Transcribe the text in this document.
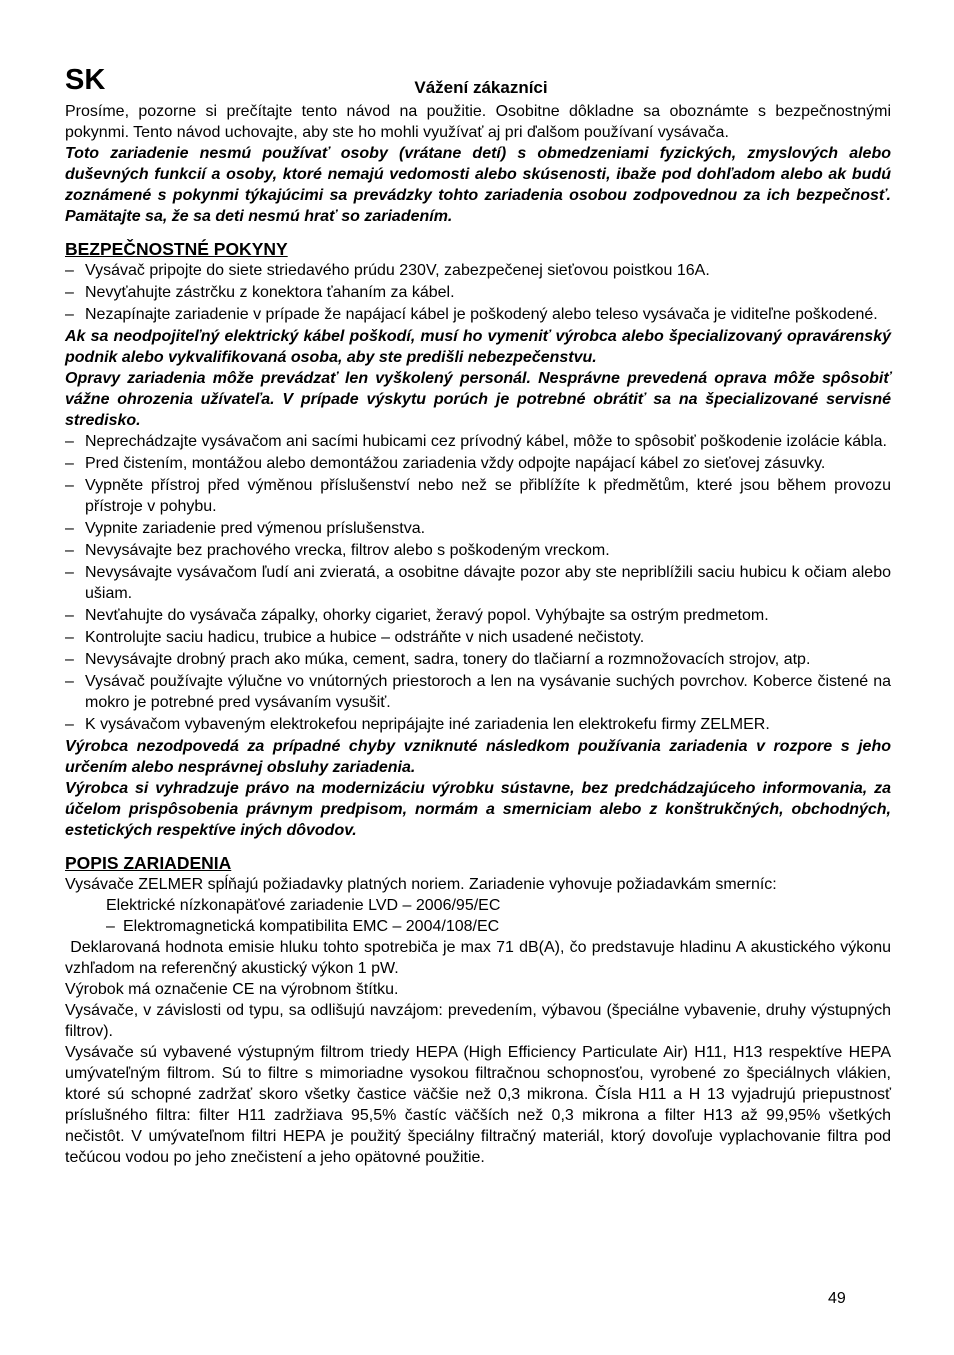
SK	Vážení zákazníci

Prosíme, pozorne si prečítajte tento návod na použitie. Osobitne dôkladne sa oboznámte s bezpečnostnými pokynmi. Tento návod uchovajte, aby ste ho mohli využívať aj pri ďalšom používaní vysávača.

Toto zariadenie nesmú používať osoby (vrátane detí) s obmedzeniami fyzických, zmyslových alebo duševných funkcií a osoby, ktoré nemajú vedomosti alebo skúsenosti, ibaže pod dohľadom alebo ak budú zoznámené s pokynmi týkajúcimi sa prevádzky tohto zariadenia osobou zodpovednou za ich bezpečnosť. Pamätajte sa, že sa deti nesmú hrať so zariadením.

BEZPEČNOSTNÉ POKYNY
– Vysávač pripojte do siete striedavého prúdu 230V, zabezpečenej sieťovou poistkou 16A.
– Nevyťahujte zástrčku z konektora ťahaním za kábel.
– Nezapínajte zariadenie v prípade že napájací kábel je poškodený alebo teleso vysávača je viditeľne poškodené.

Ak sa neodpojiteľný elektrický kábel poškodí, musí ho vymeniť výrobca alebo špecializovaný opravárenský podnik alebo vykvalifikovaná osoba, aby ste predišli nebezpečenstvu.

Opravy zariadenia môže prevádzať len vyškolený personál. Nesprávne prevedená oprava môže spôsobiť vážne ohrozenia užívateľa. V prípade výskytu porúch je potrebné obrátiť sa na špecializované servisné stredisko.

– Neprechádzajte vysávačom ani sacími hubicami cez prívodný kábel, môže to spôsobiť poškodenie izolácie kábla.
– Pred čistením, montážou alebo demontážou zariadenia vždy odpojte napájací kábel zo sieťovej zásuvky.
– Vypněte přístroj před výměnou příslušenství nebo než se přiblížíte k předmětům, které jsou během provozu přístroje v pohybu.
– Vypnite zariadenie pred výmenou príslušenstva.
– Nevysávajte bez prachového vrecka, filtrov alebo s poškodeným vreckom.
– Nevysávajte vysávačom ľudí ani zvieratá, a osobitne dávajte pozor aby ste nepriblížili saciu hubicu k očiam alebo ušiam.
– Nevťahujte do vysávača zápalky, ohorky cigariet, žeravý popol. Vyhýbajte sa ostrým predmetom.
– Kontrolujte saciu hadicu, trubice a hubice – odstráňte v nich usadené nečistoty.
– Nevysávajte drobný prach ako múka, cement, sadra, tonery do tlačiarní a rozmnožovacích strojov, atp.
– Vysávač používajte výlučne vo vnútorných priestoroch a len na vysávanie suchých povrchov. Koberce čistené na mokro je potrebné pred vysávaním vysušiť.
– K vysávačom vybaveným elektrokefou nepripájajte iné zariadenia len elektrokefu firmy ZELMER.

Výrobca nezodpovedá za prípadné chyby vzniknuté následkom používania zariadenia v rozpore s jeho určením alebo nesprávnej obsluhy zariadenia.

Výrobca si vyhradzuje právo na modernizáciu výrobku sústavne, bez predchádzajúceho informovania, za účelom prispôsobenia právnym predpisom, normám a smerniciam alebo z konštrukčných, obchodných, estetických respektíve iných dôvodov.

POPIS ZARIADENIA

Vysávače ZELMER spĺňajú požiadavky platných noriem. Zariadenie vyhovuje požiadavkám smerníc:

Elektrické nízkonapäťové zariadenie LVD – 2006/95/EC
– Elektromagnetická kompatibilita EMC – 2004/108/EC

Deklarovaná hodnota emisie hluku tohto spotrebiča je max 71 dB(A), čo predstavuje hladinu A akustického výkonu vzhľadom na referenčný akustický výkon 1 pW.

Výrobok má označenie CE na výrobnom štítku.

Vysávače, v závislosti od typu, sa odlišujú navzájom: prevedením, výbavou (špeciálne vybavenie, druhy výstupných filtrov).

Vysávače sú vybavené výstupným filtrom triedy HEPA (High Efficiency Particulate Air) H11, H13 respektíve HEPA umývateľným filtrom. Sú to filtre s mimoriadne vysokou filtračnou schopnosťou, vyrobené zo špeciálnych vlákien, ktoré sú schopné zadržať skoro všetky častice väčšie než 0,3 mikrona. Čísla H11 a H 13 vyjadrujú priepustnosť príslušného filtra: filter H11 zadržiava 95,5% častíc väčších než 0,3 mikrona a filter H13 až 99,95% všetkých nečistôt. V umývateľnom filtri HEPA je použitý špeciálny filtračný materiál, ktorý dovoľuje vyplachovanie filtra pod tečúcou vodou po jeho znečistení a jeho opätovné použitie.

49
